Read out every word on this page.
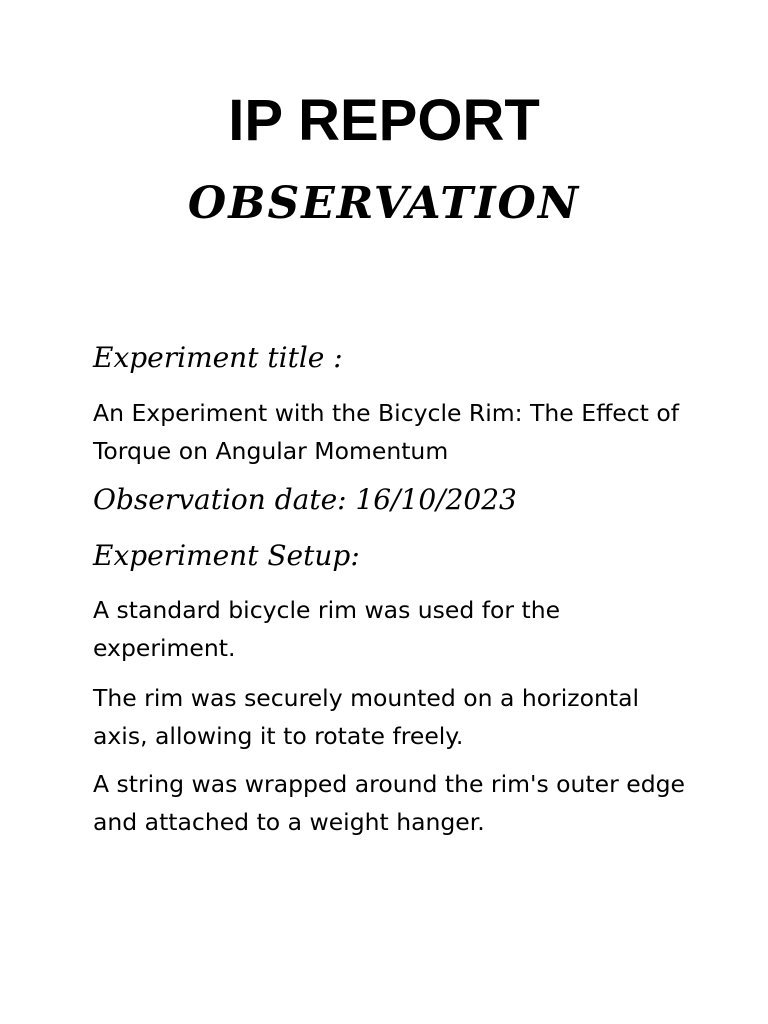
IP REPORT
OBSERVATION

Experiment title :

An Experiment with the Bicycle Rim: The Effect of Torque on Angular Momentum

Observation date: 16/10/2023

Experiment Setup:

A standard bicycle rim was used for the experiment.

The rim was securely mounted on a horizontal axis, allowing it to rotate freely.

A string was wrapped around the rim's outer edge and attached to a weight hanger.
